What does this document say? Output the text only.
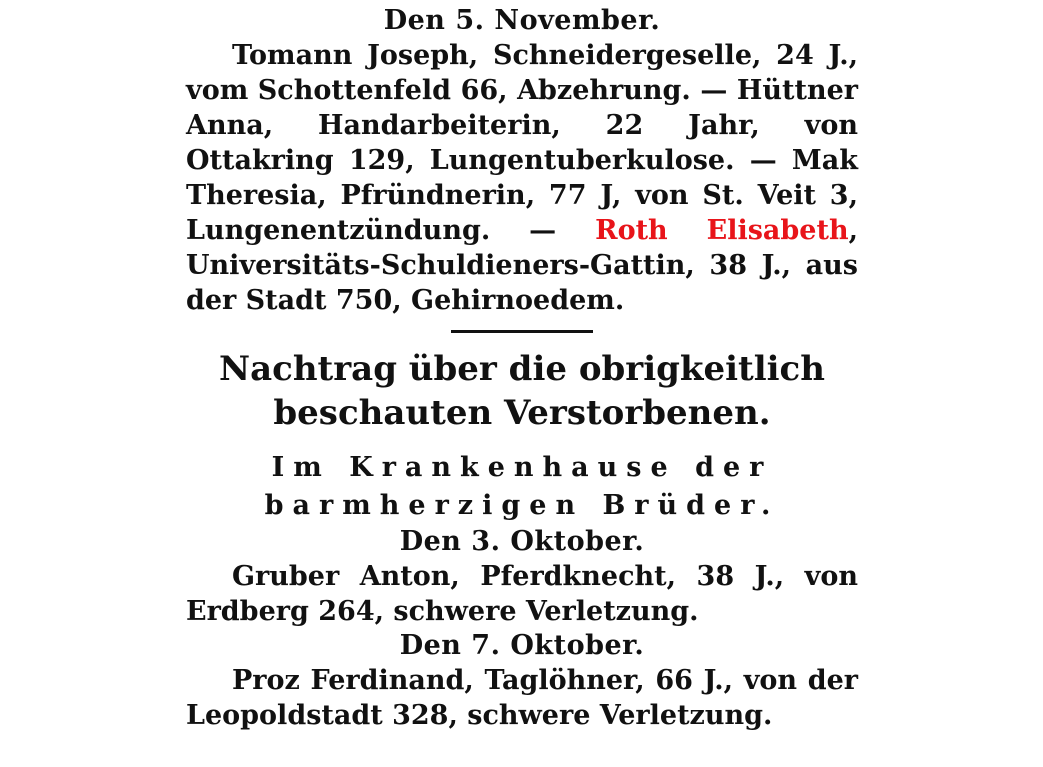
Den 5. November.

Tomann Joseph, Schneidergeselle, 24 J., vom Schottenfeld 66, Abzehrung. — Hüttner Anna, Handarbeiterin, 22 Jahr, von Ottakring 129, Lungentuberkulose. — Mak Theresia, Pfründnerin, 77 J, von St. Veit 3, Lungenentzündung. — Roth Elisabeth, Universitäts-Schuldieners-Gattin, 38 J., aus der Stadt 750, Gehirnoedem.

Nachtrag über die obrigkeitlich beschauten Verstorbenen.

Im Krankenhause der barmherzigen Brüder.

Den 3. Oktober.

Gruber Anton, Pferdknecht, 38 J., von Erdberg 264, schwere Verletzung.

Den 7. Oktober.

Proz Ferdinand, Taglöhner, 66 J., von der Leopoldstadt 328, schwere Verletzung.
